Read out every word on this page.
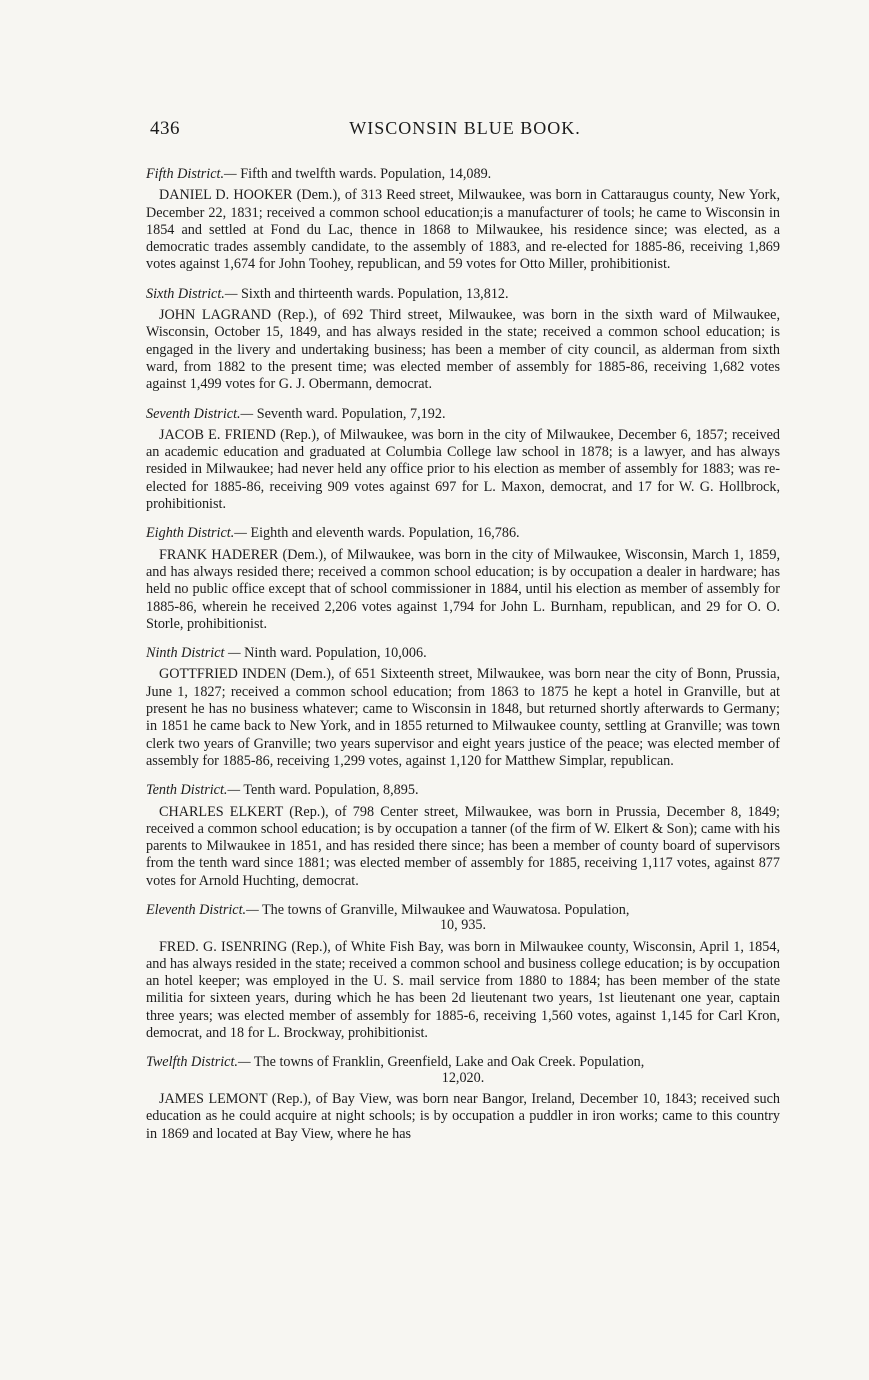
436	WISCONSIN BLUE BOOK.

Fifth District.— Fifth and twelfth wards. Population, 14,089.

DANIEL D. HOOKER (Dem.), of 313 Reed street, Milwaukee, was born in Cattaraugus county, New York, December 22, 1831; received a common school education;is a manufacturer of tools; he came to Wisconsin in 1854 and settled at Fond du Lac, thence in 1868 to Milwaukee, his residence since; was elected, as a democratic trades assembly candidate, to the assembly of 1883, and re-elected for 1885-86, receiving 1,869 votes against 1,674 for John Toohey, republican, and 59 votes for Otto Miller, prohibitionist.

Sixth District.— Sixth and thirteenth wards. Population, 13,812.

JOHN LAGRAND (Rep.), of 692 Third street, Milwaukee, was born in the sixth ward of Milwaukee, Wisconsin, October 15, 1849, and has always resided in the state; received a common school education; is engaged in the livery and undertaking business; has been a member of city council, as alderman from sixth ward, from 1882 to the present time; was elected member of assembly for 1885-86, receiving 1,682 votes against 1,499 votes for G. J. Obermann, democrat.

Seventh District.— Seventh ward. Population, 7,192.

JACOB E. FRIEND (Rep.), of Milwaukee, was born in the city of Milwaukee, December 6, 1857; received an academic education and graduated at Columbia College law school in 1878; is a lawyer, and has always resided in Milwaukee; had never held any office prior to his election as member of assembly for 1883; was re-elected for 1885-86, receiving 909 votes against 697 for L. Maxon, democrat, and 17 for W. G. Hollbrock, prohibitionist.

Eighth District.— Eighth and eleventh wards. Population, 16,786.

FRANK HADERER (Dem.), of Milwaukee, was born in the city of Milwaukee, Wisconsin, March 1, 1859, and has always resided there; received a common school education; is by occupation a dealer in hardware; has held no public office except that of school commissioner in 1884, until his election as member of assembly for 1885-86, wherein he received 2,206 votes against 1,794 for John L. Burnham, republican, and 29 for O. O. Storle, prohibitionist.

Ninth District — Ninth ward. Population, 10,006.

GOTTFRIED INDEN (Dem.), of 651 Sixteenth street, Milwaukee, was born near the city of Bonn, Prussia, June 1, 1827; received a common school education; from 1863 to 1875 he kept a hotel in Granville, but at present he has no business whatever; came to Wisconsin in 1848, but returned shortly afterwards to Germany; in 1851 he came back to New York, and in 1855 returned to Milwaukee county, settling at Granville; was town clerk two years of Granville; two years supervisor and eight years justice of the peace; was elected member of assembly for 1885-86, receiving 1,299 votes, against 1,120 for Matthew Simplar, republican.

Tenth District.— Tenth ward. Population, 8,895.

CHARLES ELKERT (Rep.), of 798 Center street, Milwaukee, was born in Prussia, December 8, 1849; received a common school education; is by occupation a tanner (of the firm of W. Elkert & Son); came with his parents to Milwaukee in 1851, and has resided there since; has been a member of county board of supervisors from the tenth ward since 1881; was elected member of assembly for 1885, receiving 1,117 votes, against 877 votes for Arnold Huchting, democrat.

Eleventh District.— The towns of Granville, Milwaukee and Wauwatosa. Population,
10, 935.

FRED. G. ISENRING (Rep.), of White Fish Bay, was born in Milwaukee county, Wisconsin, April 1, 1854, and has always resided in the state; received a common school and business college education; is by occupation an hotel keeper; was employed in the U. S. mail service from 1880 to 1884; has been member of the state militia for sixteen years, during which he has been 2d lieutenant two years, 1st lieutenant one year, captain three years; was elected member of assembly for 1885-6, receiving 1,560 votes, against 1,145 for Carl Kron, democrat, and 18 for L. Brockway, prohibitionist.

Twelfth District.— The towns of Franklin, Greenfield, Lake and Oak Creek. Population,
12,020.

JAMES LEMONT (Rep.), of Bay View, was born near Bangor, Ireland, December 10, 1843; received such education as he could acquire at night schools; is by occupation a puddler in iron works; came to this country in 1869 and located at Bay View, where he has
